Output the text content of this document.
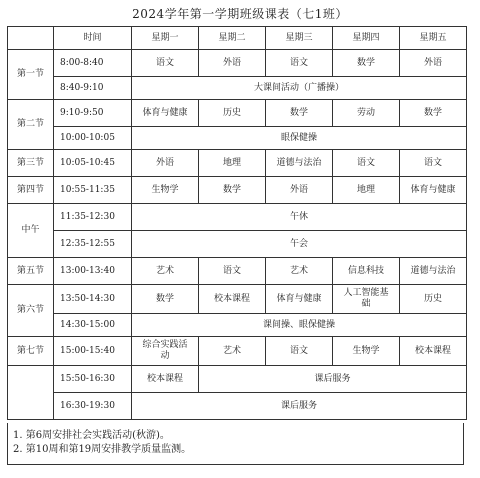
2024学年第一学期班级课表（七1班）
	时间	星期一	星期二	星期三	星期四	星期五
第一节	8:00-8:40	语文	外语	语文	数学	外语
	8:40-9:10	大课间活动（广播操）				
第二节	9:10-9:50	体育与健康	历史	数学	劳动	数学
	10:00-10:05	眼保健操				
第三节	10:05-10:45	外语	地理	道德与法治	语文	语文
第四节	10:55-11:35	生物学	数学	外语	地理	体育与健康
中午	11:35-12:30	午休				
	12:35-12:55	午会				
第五节	13:00-13:40	艺术	语文	艺术	信息科技	道德与法治
第六节	13:50-14:30	数学	校本课程	体育与健康	人工智能基础	历史
	14:30-15:00	课间操、眼保健操				
第七节	15:00-15:40	综合实践活动	艺术	语文	生物学	校本课程
	15:50-16:30	校本课程	课后服务			
	16:30-19:30	课后服务				
1. 第6周安排社会实践活动(秋游)。
2. 第10周和第19周安排教学质量监测。
